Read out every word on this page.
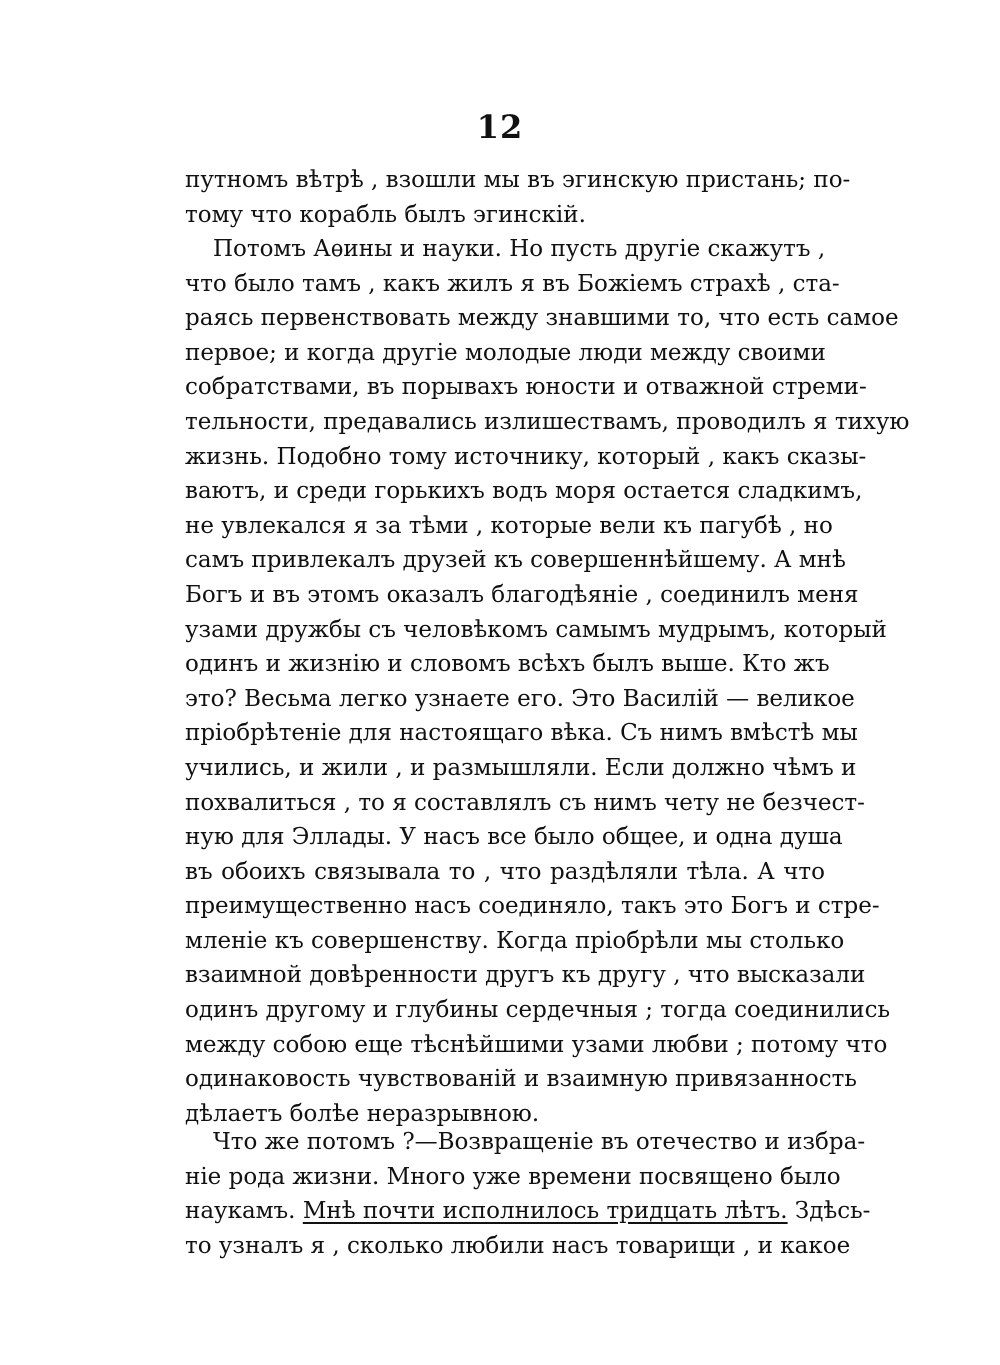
12
путномъ вѣтрѣ , взошли мы въ эгинскую пристань; по-
тому что корабль былъ эгинскій.
Потомъ Аѳины и науки. Но пусть другіе скажутъ ,
что было тамъ , какъ жилъ я въ Божіемъ страхѣ , ста-
раясь первенствовать между знавшими то, что есть самое
первое; и когда другіе молодые люди между своими
собратствами, въ порывахъ юности и отважной стреми-
тельности, предавались излишествамъ, проводилъ я тихую
жизнь. Подобно тому источнику, который , какъ сказы-
ваютъ, и среди горькихъ водъ моря остается сладкимъ,
не увлекался я за тѣми , которые вели къ пагубѣ , но
самъ привлекалъ друзей къ совершеннѣйшему. А мнѣ
Богъ и въ этомъ оказалъ благодѣяніе , соединилъ меня
узами дружбы съ человѣкомъ самымъ мудрымъ, который
одинъ и жизнію и словомъ всѣхъ былъ выше. Кто жъ
это? Весьма легко узнаете его. Это Василій — великое
пріобрѣтеніе для настоящаго вѣка. Съ нимъ вмѣстѣ мы
учились, и жили , и размышляли. Если должно чѣмъ и
похвалиться , то я составлялъ съ нимъ чету не безчест-
ную для Эллады. У насъ все было общее, и одна душа
въ обоихъ связывала то , что раздѣляли тѣла. А что
преимущественно насъ соединяло, такъ это Богъ и стре-
мленіе къ совершенству. Когда пріобрѣли мы столько
взаимной довѣренности другъ къ другу , что высказали
одинъ другому и глубины сердечныя ; тогда соединились
между собою еще тѣснѣйшими узами любви ; потому что
одинаковость чувствованій и взаимную привязанность
дѣлаетъ болѣе неразрывною.
Что же потомъ ?—Возвращеніе въ отечество и избра-
ніе рода жизни. Много уже времени посвящено было
наукамъ. Мнѣ почти исполнилось тридцать лѣтъ. Здѣсь-
то узналъ я , сколько любили насъ товарищи , и какое
